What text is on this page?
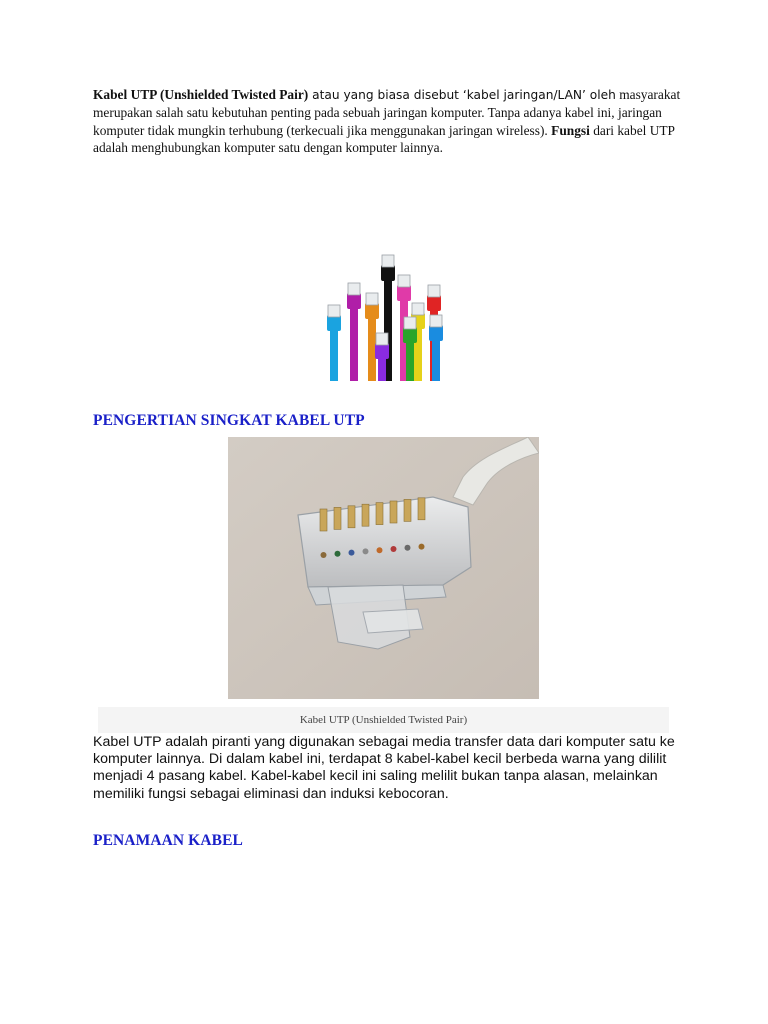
Kabel UTP (Unshielded Twisted Pair) atau yang biasa disebut ‘kabel jaringan/LAN’ oleh masyarakat merupakan salah satu kebutuhan penting pada sebuah jaringan komputer. Tanpa adanya kabel ini, jaringan komputer tidak mungkin terhubung (terkecuali jika menggunakan jaringan wireless). Fungsi dari kabel UTP adalah menghubungkan komputer satu dengan komputer lainnya.

PENGERTIAN SINGKAT KABEL UTP
Kabel UTP (Unshielded Twisted Pair)

Kabel UTP adalah piranti yang digunakan sebagai media transfer data dari komputer satu ke komputer lainnya. Di dalam kabel ini, terdapat 8 kabel-kabel kecil berbeda warna yang dililit menjadi 4 pasang kabel. Kabel-kabel kecil ini saling melilit bukan tanpa alasan, melainkan memiliki fungsi sebagai eliminasi dan induksi kebocoran.

PENAMAAN KABEL
